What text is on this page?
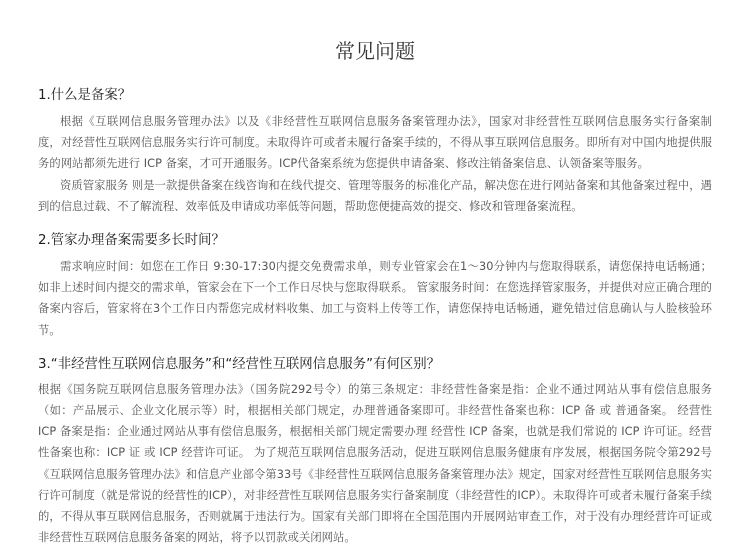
常见问题
1.什么是备案？

根据《互联网信息服务管理办法》以及《非经营性互联网信息服务备案管理办法》，国家对非经营性互联网信息服务实行备案制度，对经营性互联网信息服务实行许可制度。未取得许可或者未履行备案手续的，不得从事互联网信息服务。即所有对中国内地提供服务的网站都须先进行 ICP 备案，才可开通服务。ICP代备案系统为您提供申请备案、修改注销备案信息、认领备案等服务。

资质管家服务 则是一款提供备案在线咨询和在线代提交、管理等服务的标准化产品，解决您在进行网站备案和其他备案过程中，遇到的信息过载、不了解流程、效率低及申请成功率低等问题，帮助您便捷高效的提交、修改和管理备案流程。

2.管家办理备案需要多长时间？

需求响应时间：如您在工作日 9:30-17:30内提交免费需求单，则专业管家会在1～30分钟内与您取得联系，请您保持电话畅通；如非上述时间内提交的需求单，管家会在下一个工作日尽快与您取得联系。 管家服务时间：在您选择管家服务，并提供对应正确合理的备案内容后，管家将在3个工作日内帮您完成材料收集、加工与资料上传等工作，请您保持电话畅通，避免错过信息确认与人脸核验环节。

3.“非经营性互联网信息服务”和“经营性互联网信息服务”有何区别？

根据《国务院互联网信息服务管理办法》（国务院292号令）的第三条规定：非经营性备案是指：企业不通过网站从事有偿信息服务（如：产品展示、企业文化展示等）时，根据相关部门规定，办理普通备案即可。非经营性备案也称：ICP 备 或 普通备案。 经营性 ICP 备案是指：企业通过网站从事有偿信息服务，根据相关部门规定需要办理 经营性 ICP 备案，也就是我们常说的 ICP 许可证。经营性备案也称：ICP 证 或 ICP 经营许可证。 为了规范互联网信息服务活动，促进互联网信息服务健康有序发展，根据国务院令第292号《互联网信息服务管理办法》和信息产业部令第33号《非经营性互联网信息服务备案管理办法》规定，国家对经营性互联网信息服务实行许可制度（就是常说的经营性的ICP），对非经营性互联网信息服务实行备案制度（非经营性的ICP）。未取得许可或者未履行备案手续的，不得从事互联网信息服务，否则就属于违法行为。国家有关部门即将在全国范围内开展网站审查工作，对于没有办理经营许可证或非经营性互联网信息服务备案的网站，将予以罚款或关闭网站。
